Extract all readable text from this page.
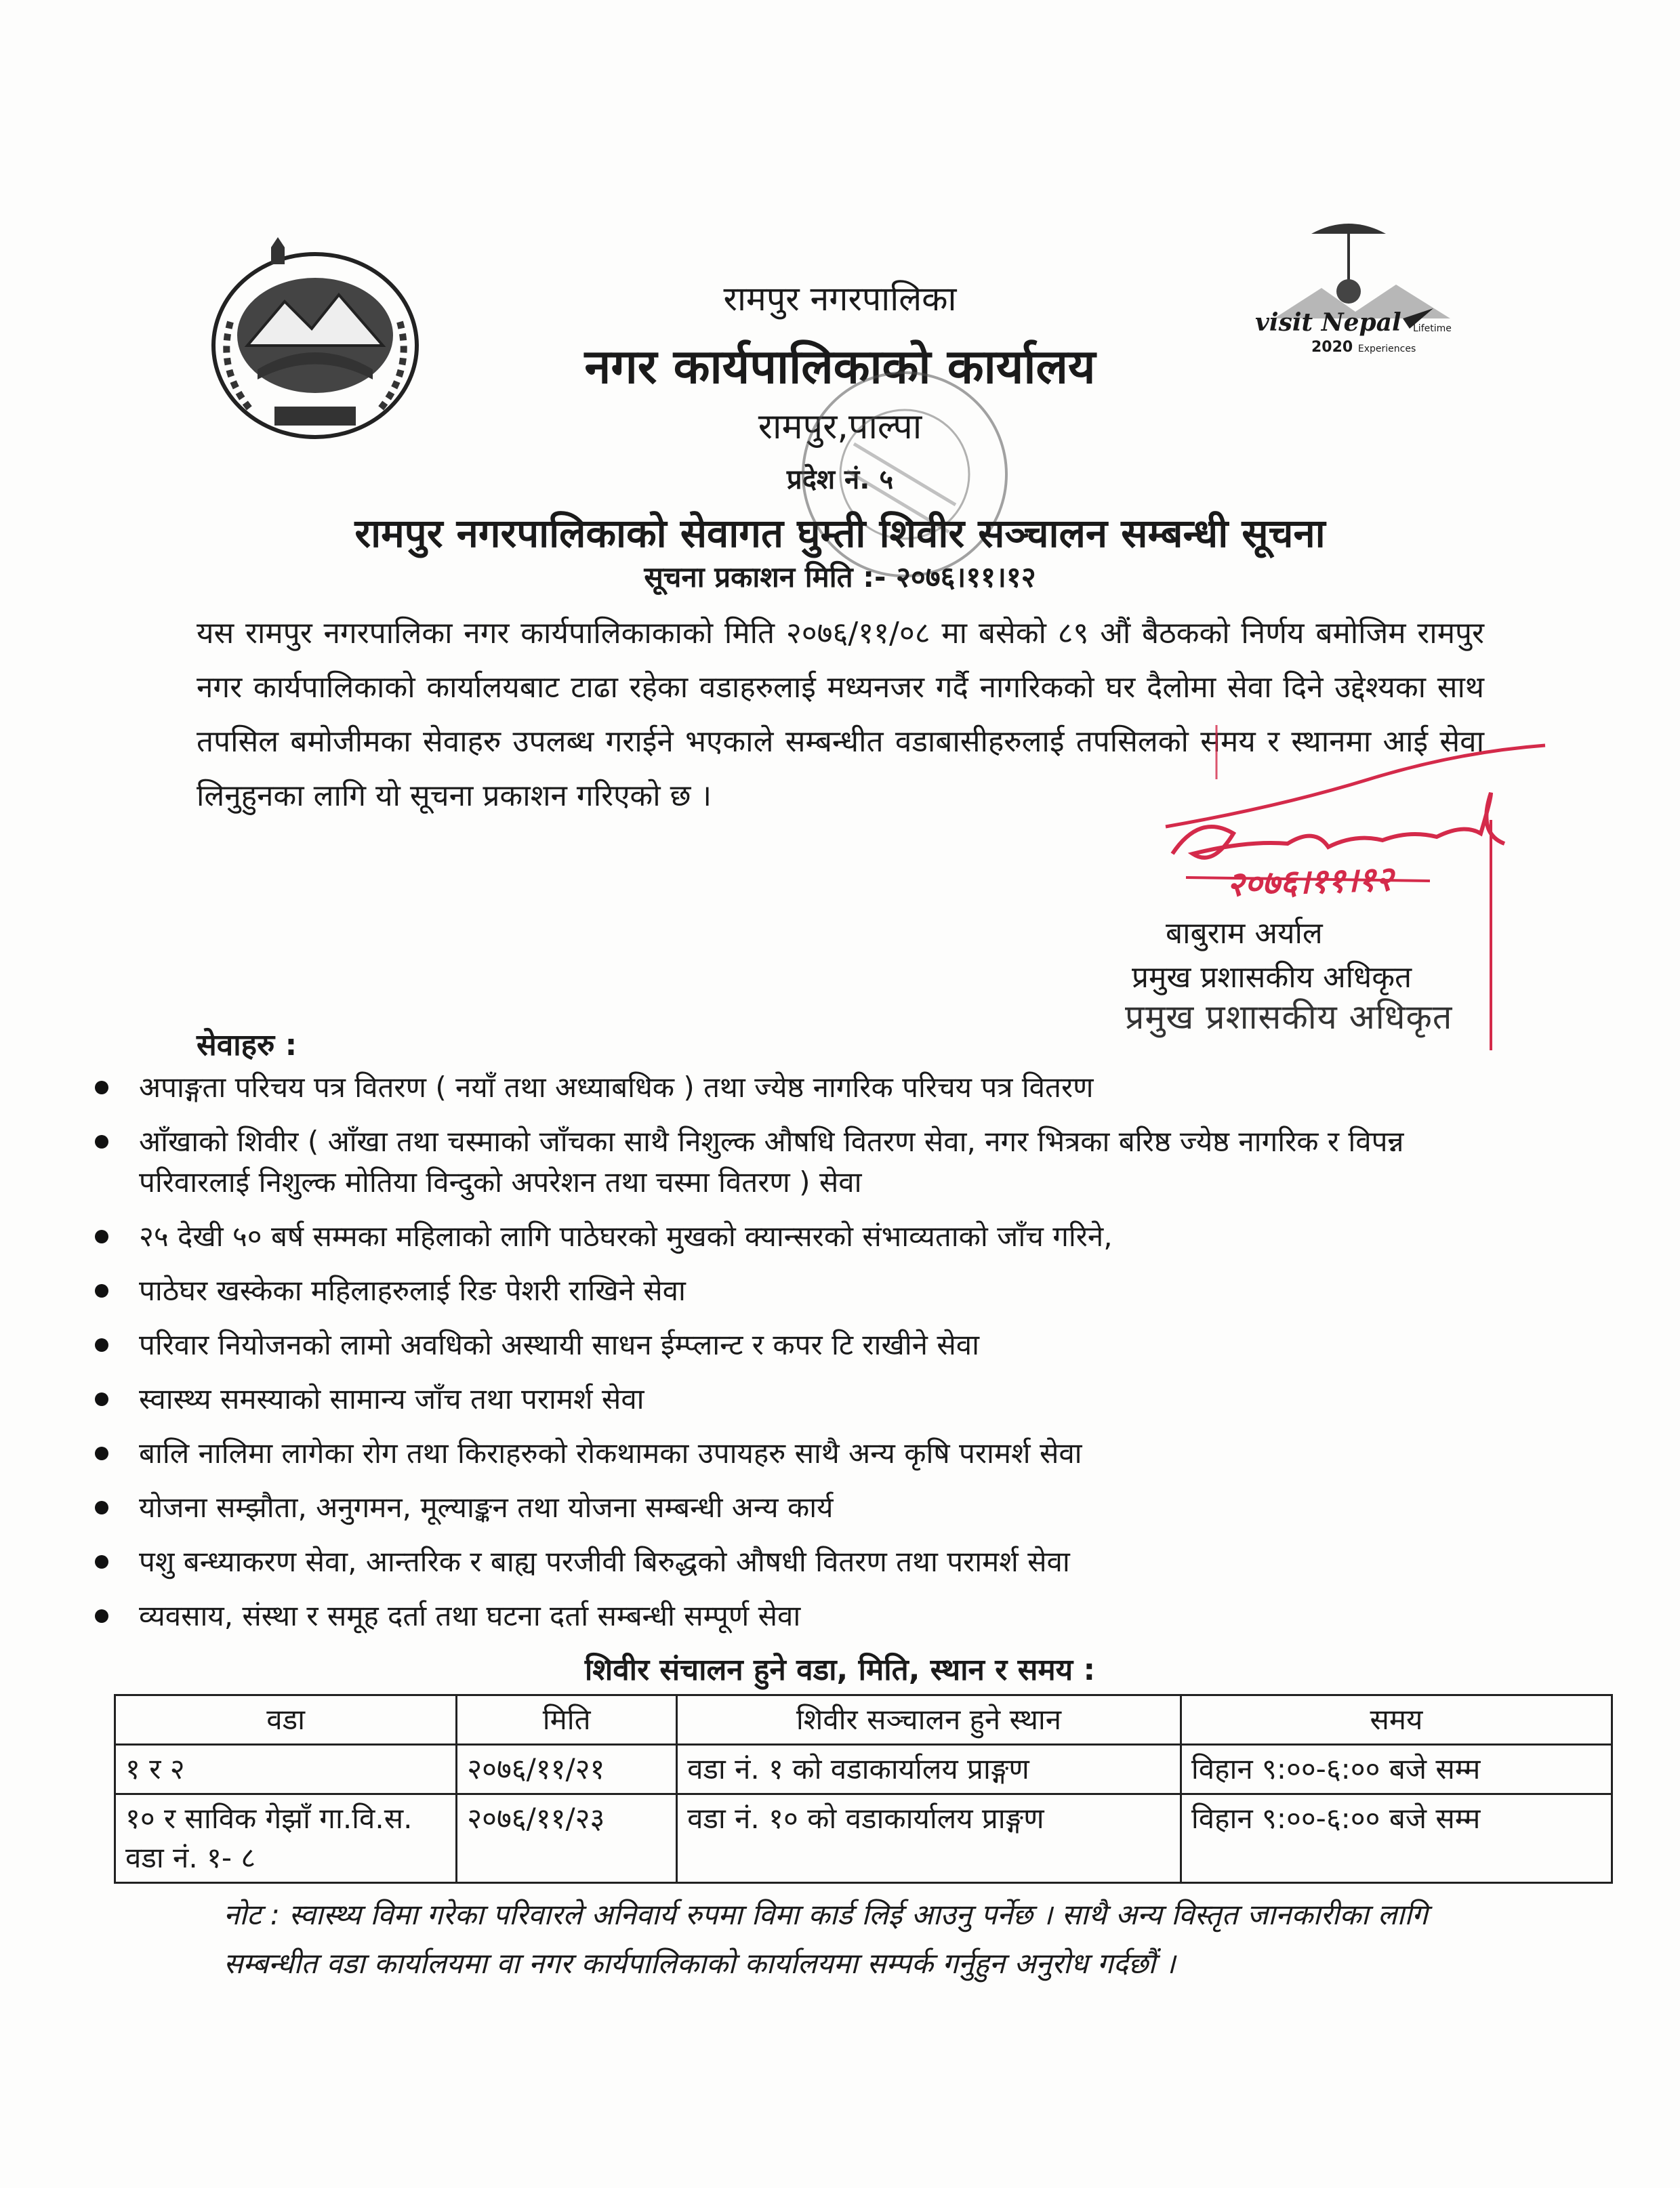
visit Nepal Lifetime
2020 Experiences
रामपुर नगरपालिका
नगर कार्यपालिकाको कार्यालय
रामपुर,पाल्पा
प्रदेश नं. ५
रामपुर नगरपालिकाको सेवागत घुम्ती शिवीर सञ्चालन सम्बन्धी सूचना
सूचना प्रकाशन मिति :- २०७६।११।१२
यस रामपुर नगरपालिका नगर कार्यपालिकाकाको मिति २०७६/११/०८ मा बसेको ८९ औं बैठकको निर्णय बमोजिम रामपुर नगर कार्यपालिकाको कार्यालयबाट टाढा रहेका वडाहरुलाई मध्यनजर गर्दै नागरिकको घर दैलोमा सेवा दिने उद्देश्यका साथ तपसिल बमोजीमका सेवाहरु उपलब्ध गराईने भएकाले सम्बन्धीत वडाबासीहरुलाई तपसिलको समय र स्थानमा आई सेवा लिनुहुनका लागि यो सूचना प्रकाशन गरिएको छ ।
२०७६।११।१२
बाबुराम अर्याल
प्रमुख प्रशासकीय अधिकृत
प्रमुख प्रशासकीय अधिकृत
सेवाहरु :
अपाङ्गता परिचय पत्र वितरण ( नयाँ तथा अध्याबधिक ) तथा ज्येष्ठ नागरिक परिचय पत्र वितरण
आँखाको शिवीर ( आँखा तथा चस्माको जाँचका साथै निशुल्क औषधि वितरण सेवा, नगर भित्रका बरिष्ठ ज्येष्ठ नागरिक र विपन्न परिवारलाई निशुल्क मोतिया विन्दुको अपरेशन तथा चस्मा वितरण ) सेवा
२५ देखी ५० बर्ष सम्मका महिलाको लागि पाठेघरको मुखको क्यान्सरको संभाव्यताको जाँच गरिने,
पाठेघर खस्केका महिलाहरुलाई रिङ पेशरी राखिने सेवा
परिवार नियोजनको लामो अवधिको अस्थायी साधन ईम्प्लान्ट र कपर टि राखीने सेवा
स्वास्थ्य समस्याको सामान्य जाँच तथा परामर्श सेवा
बालि नालिमा लागेका रोग तथा किराहरुको रोकथामका उपायहरु साथै अन्य कृषि परामर्श सेवा
योजना सम्झौता, अनुगमन, मूल्याङ्कन तथा योजना सम्बन्धी अन्य कार्य
पशु बन्ध्याकरण सेवा, आन्तरिक र बाह्य परजीवी बिरुद्धको औषधी वितरण तथा परामर्श सेवा
व्यवसाय, संस्था र समूह दर्ता तथा घटना दर्ता सम्बन्धी सम्पूर्ण सेवा
शिवीर संचालन हुने वडा, मिति, स्थान र समय :
वडा	मिति	शिवीर सञ्चालन हुने स्थान	समय
१ र २	२०७६/११/२१	वडा नं. १ को वडाकार्यालय प्राङ्गण	विहान ९:००-६:०० बजे सम्म
१० र साविक गेझाँ गा.वि.स. वडा नं. १- ८	२०७६/११/२३	वडा नं. १० को वडाकार्यालय प्राङ्गण	विहान ९:००-६:०० बजे सम्म
नोट : स्वास्थ्य विमा गरेका परिवारले अनिवार्य रुपमा विमा कार्ड लिई आउनु पर्नेछ । साथै अन्य विस्तृत जानकारीका लागि सम्बन्धीत वडा कार्यालयमा वा नगर कार्यपालिकाको कार्यालयमा सम्पर्क गर्नुहुन अनुरोध गर्दछौं ।
